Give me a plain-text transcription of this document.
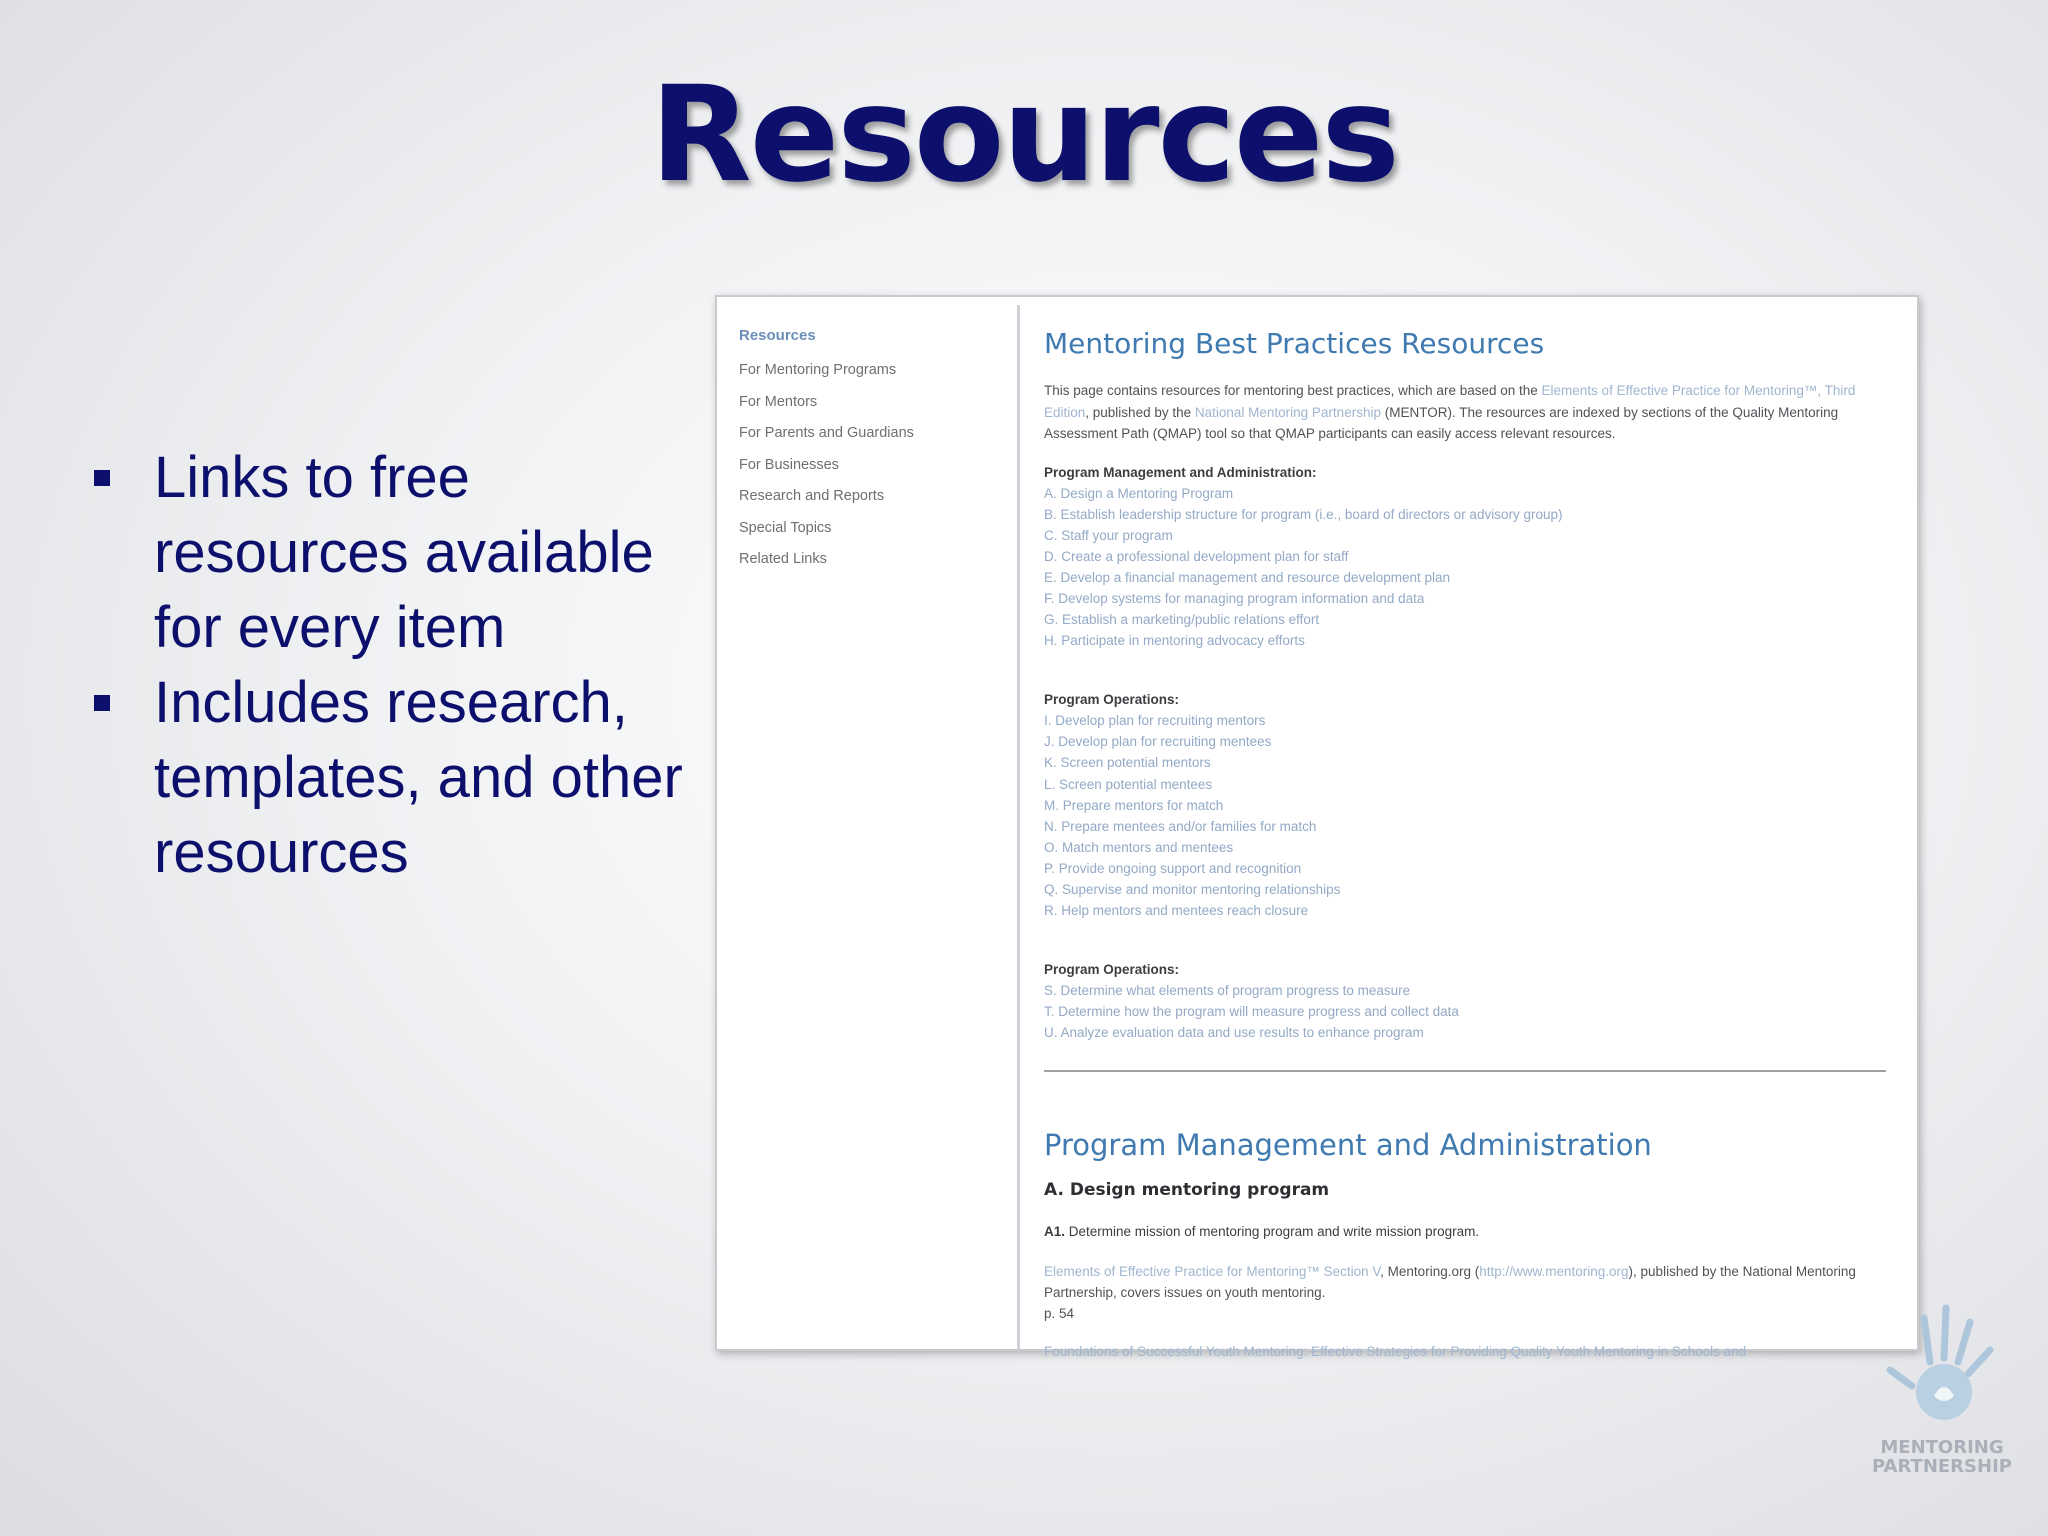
Resources
Links to free resources available for every item
Includes research, templates, and other resources
Resources
For Mentoring Programs
For Mentors
For Parents and Guardians
For Businesses
Research and Reports
Special Topics
Related Links
Mentoring Best Practices Resources
This page contains resources for mentoring best practices, which are based on the Elements of Effective Practice for Mentoring™, Third Edition, published by the National Mentoring Partnership (MENTOR). The resources are indexed by sections of the Quality Mentoring Assessment Path (QMAP) tool so that QMAP participants can easily access relevant resources.
Program Management and Administration:
A. Design a Mentoring Program
B. Establish leadership structure for program (i.e., board of directors or advisory group)
C. Staff your program
D. Create a professional development plan for staff
E. Develop a financial management and resource development plan
F. Develop systems for managing program information and data
G. Establish a marketing/public relations effort
H. Participate in mentoring advocacy efforts
Program Operations:
I. Develop plan for recruiting mentors
J. Develop plan for recruiting mentees
K. Screen potential mentors
L. Screen potential mentees
M. Prepare mentors for match
N. Prepare mentees and/or families for match
O. Match mentors and mentees
P. Provide ongoing support and recognition
Q. Supervise and monitor mentoring relationships
R. Help mentors and mentees reach closure
Program Operations:
S. Determine what elements of program progress to measure
T. Determine how the program will measure progress and collect data
U. Analyze evaluation data and use results to enhance program
Program Management and Administration
A. Design mentoring program
A1. Determine mission of mentoring program and write mission program.
Elements of Effective Practice for Mentoring™ Section V, Mentoring.org (http://www.mentoring.org), published by the National Mentoring Partnership, covers issues on youth mentoring.
p. 54
Foundations of Successful Youth Mentoring: Effective Strategies for Providing Quality Youth Mentoring in Schools and
MENTORING
PARTNERSHIP
